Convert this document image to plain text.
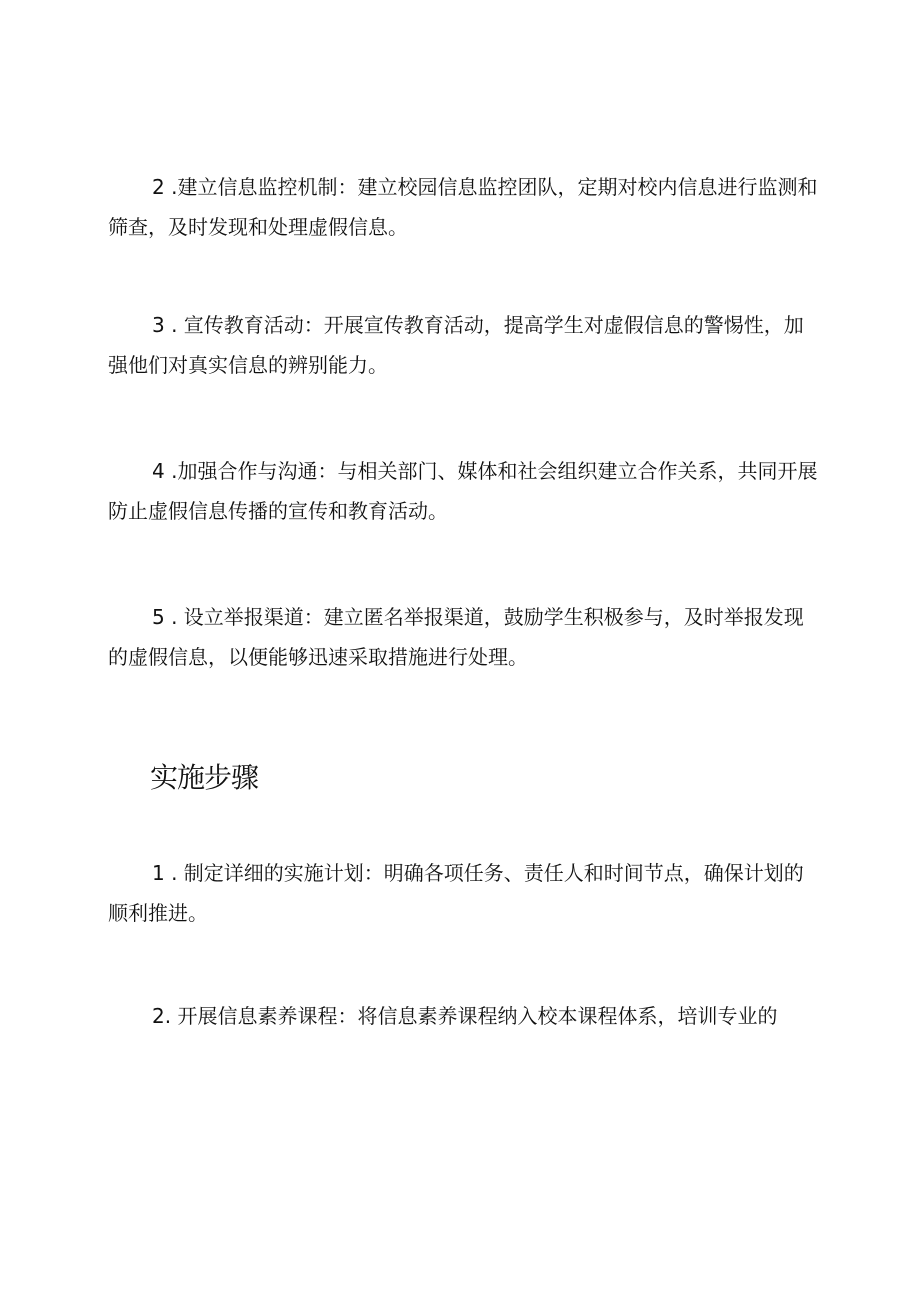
2 .建立信息监控机制：建立校园信息监控团队，定期对校内信息进行监测和筛查，及时发现和处理虚假信息。

3 . 宣传教育活动：开展宣传教育活动，提高学生对虚假信息的警惕性，加强他们对真实信息的辨别能力。

4 .加强合作与沟通：与相关部门、媒体和社会组织建立合作关系，共同开展防止虚假信息传播的宣传和教育活动。

5 . 设立举报渠道：建立匿名举报渠道，鼓励学生积极参与，及时举报发现的虚假信息，以便能够迅速采取措施进行处理。

实施步骤

1 . 制定详细的实施计划：明确各项任务、责任人和时间节点，确保计划的顺利推进。

2. 开展信息素养课程：将信息素养课程纳入校本课程体系，培训专业的
